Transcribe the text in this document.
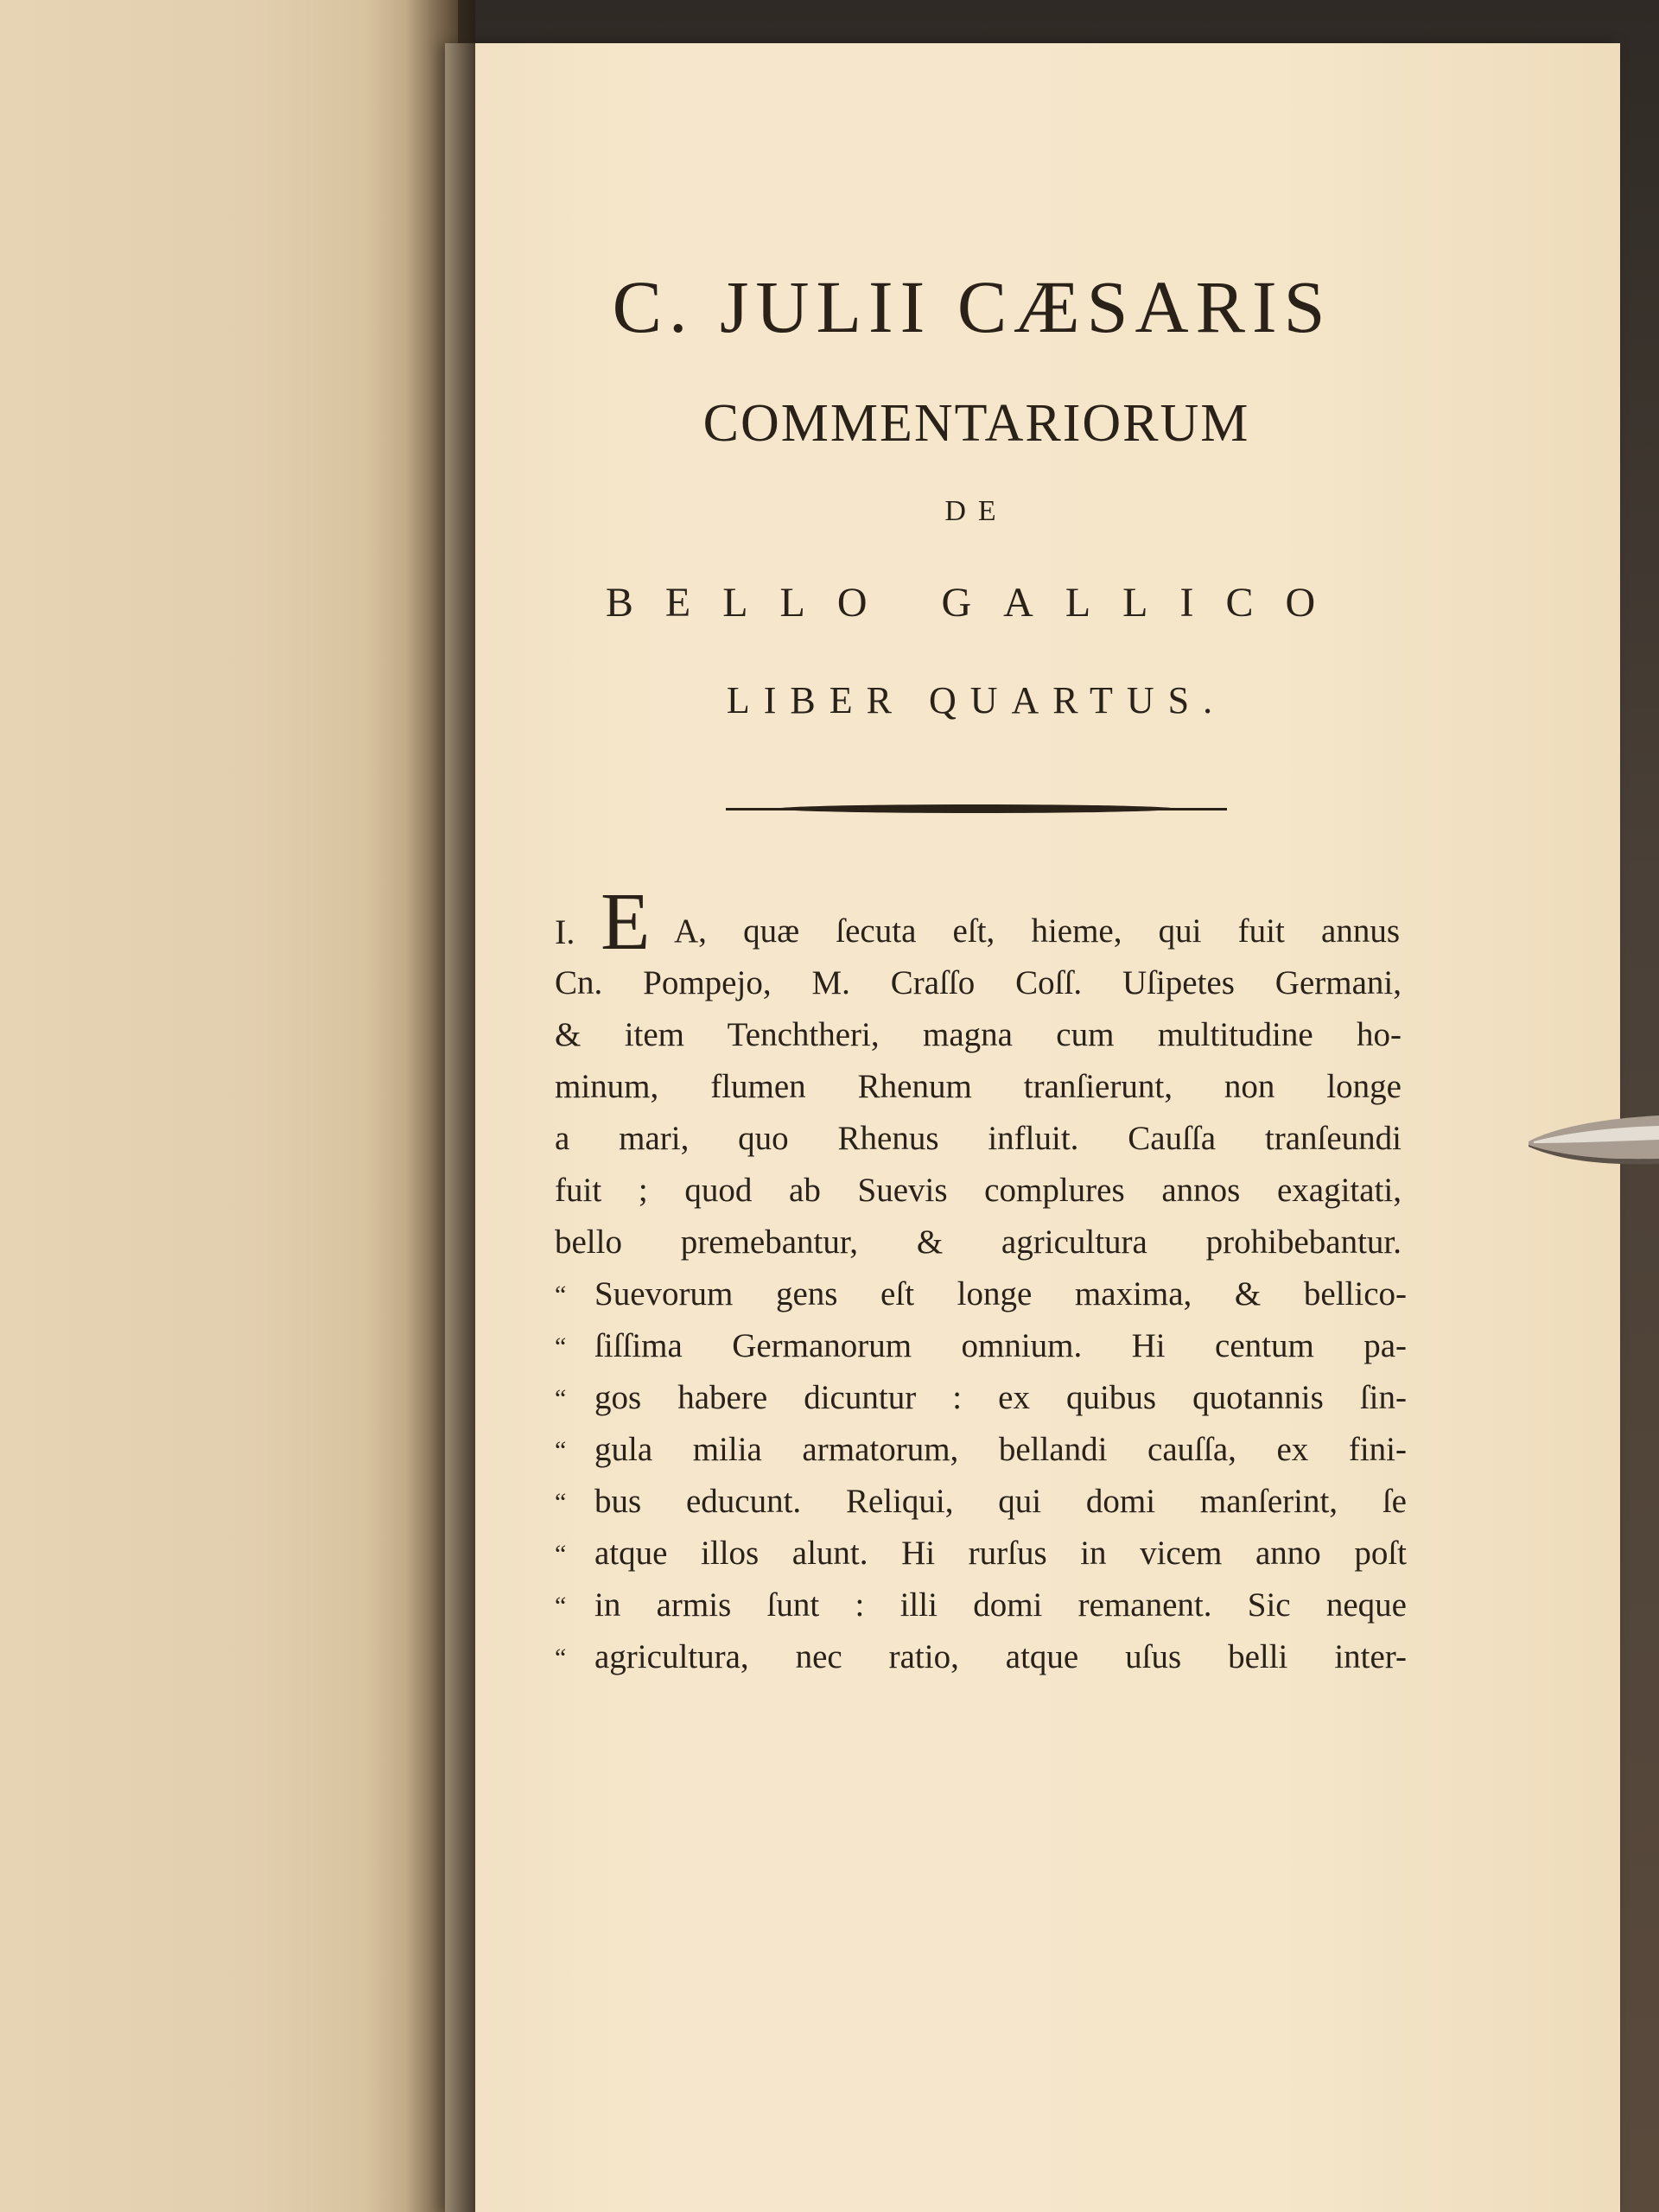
C. JULII CÆSARIS

COMMENTARIORUM

DE

BELLO GALLICO

LIBER QUARTUS.

I. E A, quæ ſecuta eſt, hieme, qui fuit annus

Cn. Pompejo, M. Craſſo Coſſ. Uſipetes Germani,

& item Tenchtheri, magna cum multitudine ho-

minum, flumen Rhenum tranſierunt, non longe

a mari, quo Rhenus influit. Cauſſa tranſeundi

fuit ; quod ab Suevis complures annos exagitati,

bello premebantur, & agricultura prohibebantur.

“ Suevorum gens eſt longe maxima, & bellico-

“ ſiſſima Germanorum omnium. Hi centum pa-

“ gos habere dicuntur : ex quibus quotannis ſin-

“ gula milia armatorum, bellandi cauſſa, ex fini-

“ bus educunt. Reliqui, qui domi manſerint, ſe

“ atque illos alunt. Hi rurſus in vicem anno poſt

“ in armis ſunt : illi domi remanent. Sic neque

“ agricultura, nec ratio, atque uſus belli inter-
